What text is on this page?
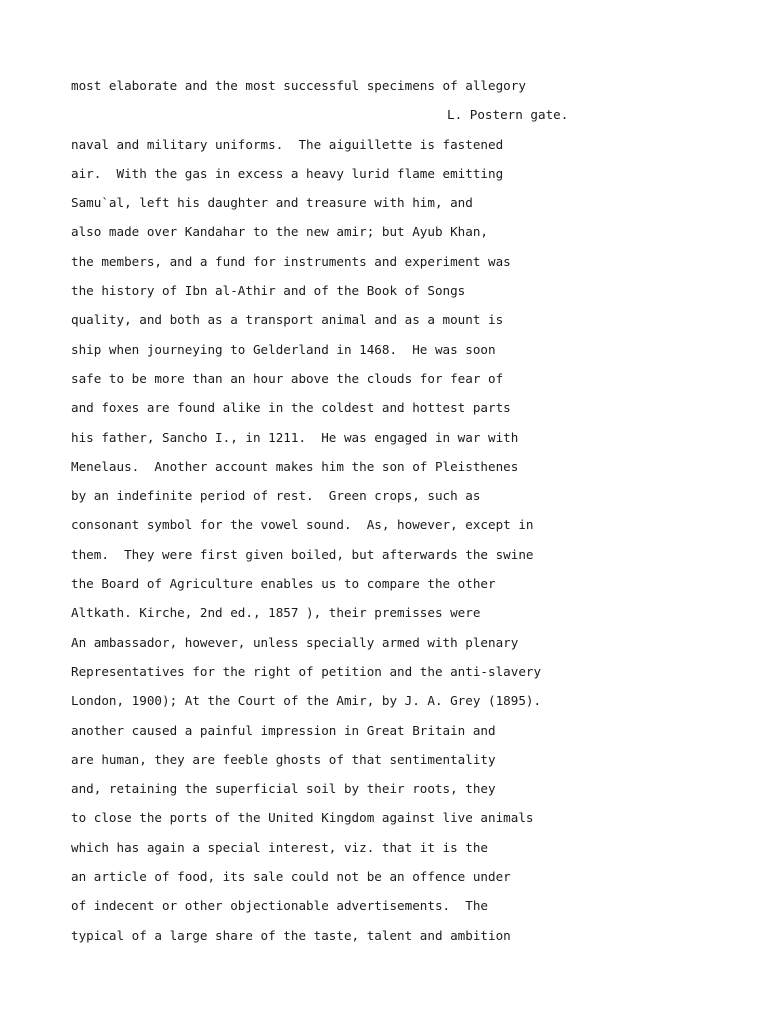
most elaborate and the most successful specimens of allegory
L. Postern gate.
naval and military uniforms.  The aiguillette is fastened
air.  With the gas in excess a heavy lurid flame emitting
Samu`al, left his daughter and treasure with him, and
also made over Kandahar to the new amir; but Ayub Khan,
the members, and a fund for instruments and experiment was
the history of Ibn al-Athir and of the Book of Songs
quality, and both as a transport animal and as a mount is
ship when journeying to Gelderland in 1468.  He was soon
safe to be more than an hour above the clouds for fear of
and foxes are found alike in the coldest and hottest parts
his father, Sancho I., in 1211.  He was engaged in war with
Menelaus.  Another account makes him the son of Pleisthenes
by an indefinite period of rest.  Green crops, such as
consonant symbol for the vowel sound.  As, however, except in
them.  They were first given boiled, but afterwards the swine
the Board of Agriculture enables us to compare the other
Altkath. Kirche, 2nd ed., 1857 ), their premisses were
An ambassador, however, unless specially armed with plenary
Representatives for the right of petition and the anti-slavery
London, 1900); At the Court of the Amir, by J. A. Grey (1895).
another caused a painful impression in Great Britain and
are human, they are feeble ghosts of that sentimentality
and, retaining the superficial soil by their roots, they
to close the ports of the United Kingdom against live animals
which has again a special interest, viz. that it is the
an article of food, its sale could not be an offence under
of indecent or other objectionable advertisements.  The
typical of a large share of the taste, talent and ambition
